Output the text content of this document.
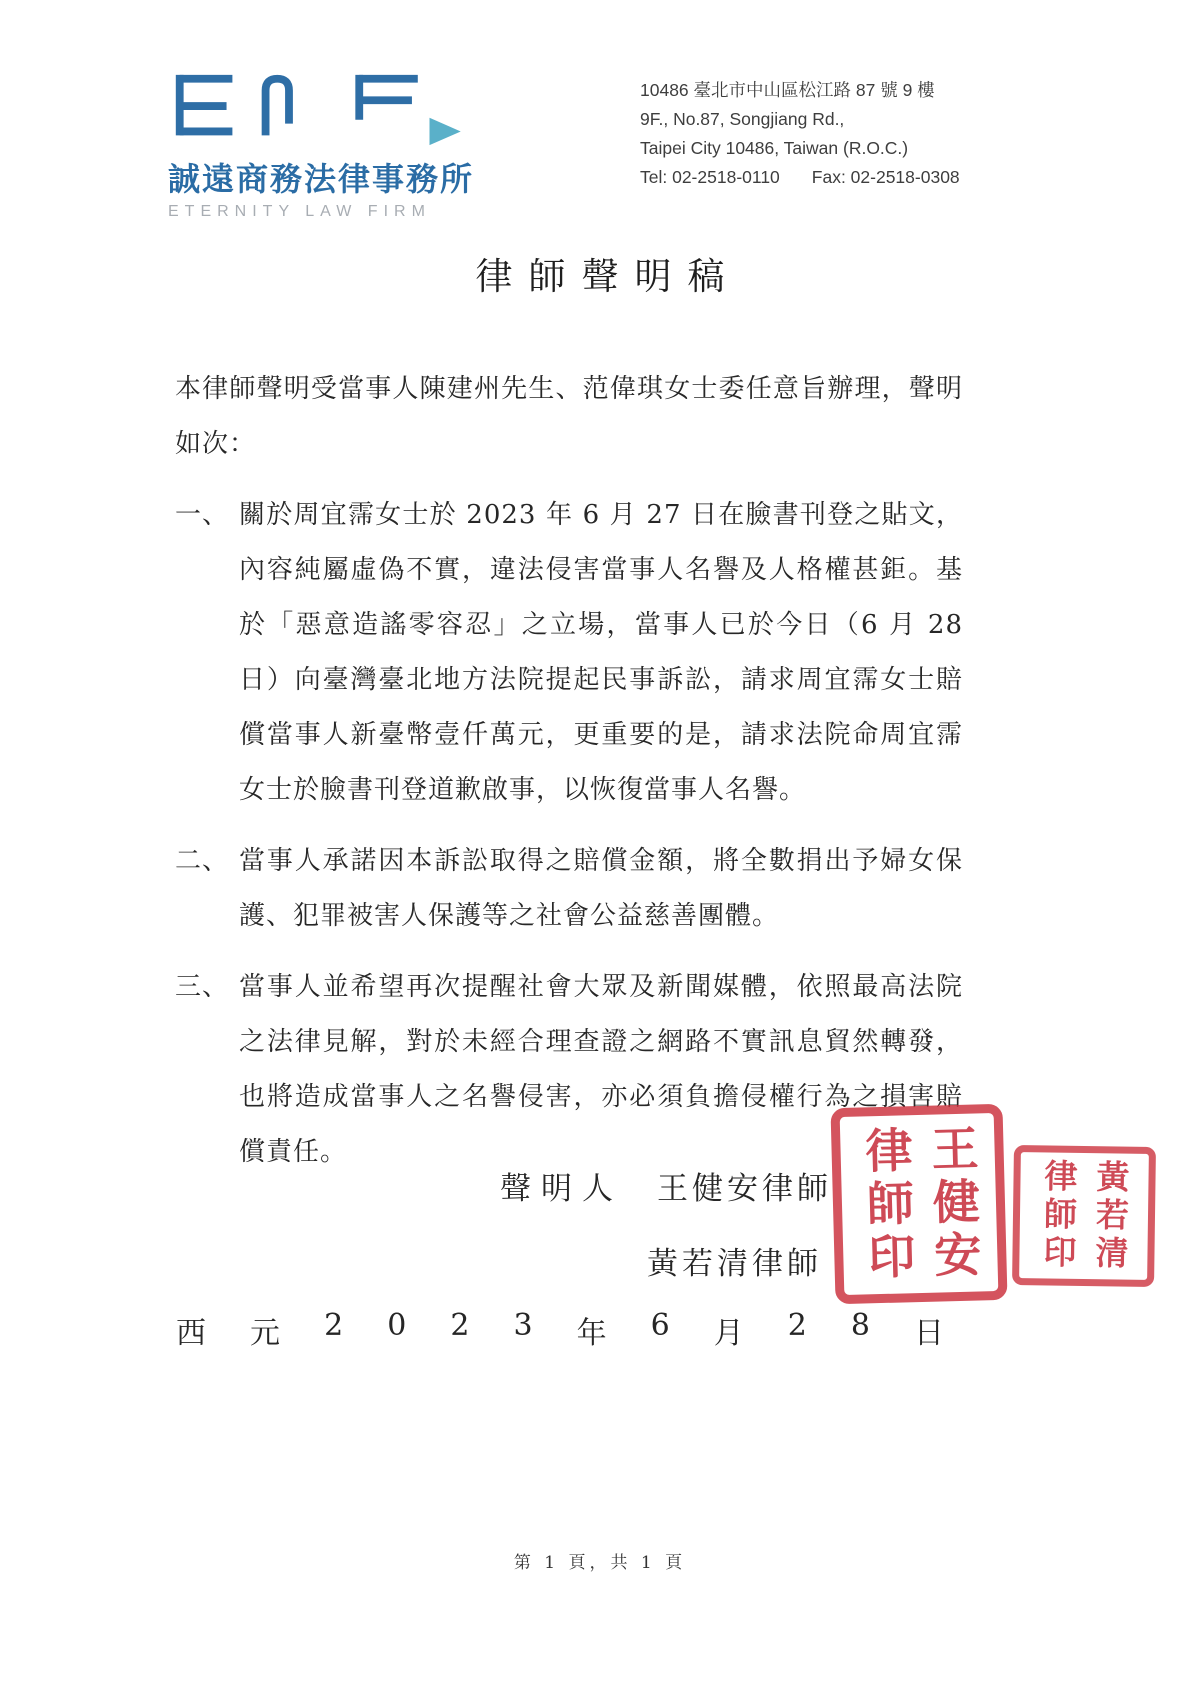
誠遠商務法律事務所
ETERNITY LAW FIRM
10486 臺北市中山區松江路 87 號 9 樓
9F., No.87, Songjiang Rd.,
Taipei City 10486, Taiwan (R.O.C.)
Tel: 02-2518-0110 Fax: 02-2518-0308
律師聲明稿

本律師聲明受當事人陳建州先生、范偉琪女士委任意旨辦理，聲明如次：

一、 關於周宜霈女士於 2023 年 6 月 27 日在臉書刊登之貼文，內容純屬虛偽不實，違法侵害當事人名譽及人格權甚鉅。基於「惡意造謠零容忍」之立場，當事人已於今日（6 月 28 日）向臺灣臺北地方法院提起民事訴訟，請求周宜霈女士賠償當事人新臺幣壹仟萬元，更重要的是，請求法院命周宜霈女士於臉書刊登道歉啟事，以恢復當事人名譽。
二、 當事人承諾因本訴訟取得之賠償金額，將全數捐出予婦女保護、犯罪被害人保護等之社會公益慈善團體。
三、 當事人並希望再次提醒社會大眾及新聞媒體，依照最高法院之法律見解，對於未經合理查證之網路不實訊息貿然轉發，也將造成當事人之名譽侵害，亦必須負擔侵權行為之損害賠償責任。
聲明人 王健安律師
黃若清律師	王健安律師印	黃若清律師印
西 元 2 0 2 3 年 6 月 2 8 日
第 1 頁，共 1 頁
